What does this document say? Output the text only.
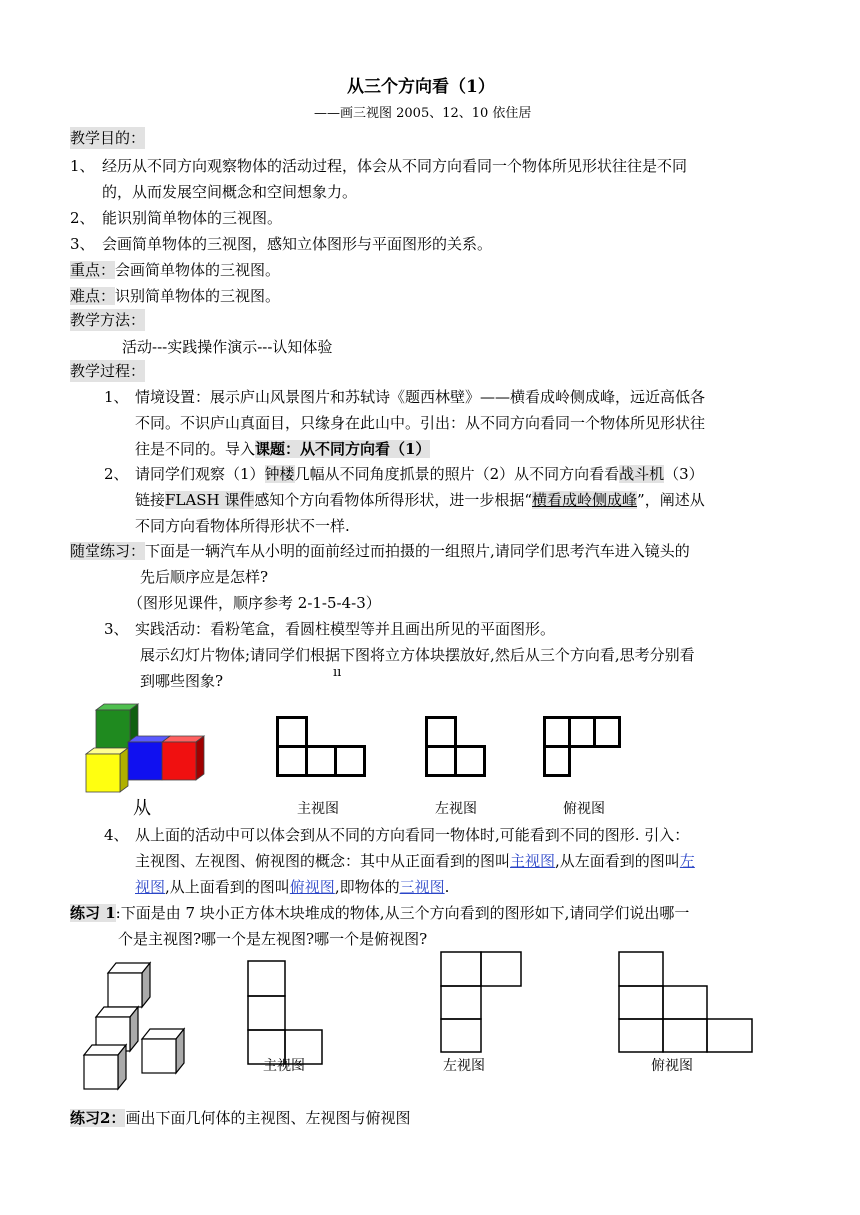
从三个方向看（1）
——画三视图 2005、12、10 依住居
教学目的：
1、 经历从不同方向观察物体的活动过程，体会从不同方向看同一个物体所见形状往往是不同
的，从而发展空间概念和空间想象力。
2、 能识别简单物体的三视图。
3、 会画简单物体的三视图，感知立体图形与平面图形的关系。
重点：会画简单物体的三视图。
难点：识别简单物体的三视图。
教学方法：
活动---实践操作演示---认知体验
教学过程：
1、 情境设置：展示庐山风景图片和苏轼诗《题西林壁》——横看成岭侧成峰，远近高低各
不同。不识庐山真面目，只缘身在此山中。引出：从不同方向看同一个物体所见形状往
往是不同的。导入课题：从不同方向看（1）
2、 请同学们观察（1）钟楼几幅从不同角度抓景的照片（2）从不同方向看看战斗机（3）
链接FLASH 课件感知个方向看物体所得形状，进一步根据“横看成岭侧成峰”，阐述从
不同方向看物体所得形状不一样.
随堂练习：下面是一辆汽车从小明的面前经过而拍摄的一组照片,请同学们思考汽车进入镜头的
先后顺序应是怎样?
（图形见课件，顺序参考 2-1-5-4-3）
3、 实践活动：看粉笔盒，看圆柱模型等并且画出所见的平面图形。
展示幻灯片物体;请同学们根据下图将立方体块摆放好,然后从三个方向看,思考分别看
到哪些图象?	ıı
从	主视图	左视图	俯视图
4、 从上面的活动中可以体会到从不同的方向看同一物体时,可能看到不同的图形. 引入：
主视图、左视图、俯视图的概念：其中从正面看到的图叫主视图,从左面看到的图叫左
视图,从上面看到的图叫俯视图,即物体的三视图.
练习 1:下面是由 7 块小正方体木块堆成的物体,从三个方向看到的图形如下,请同学们说出哪一
个是主视图?哪一个是左视图?哪一个是俯视图?
主视图	左视图	俯视图
练习2：画出下面几何体的主视图、左视图与俯视图
